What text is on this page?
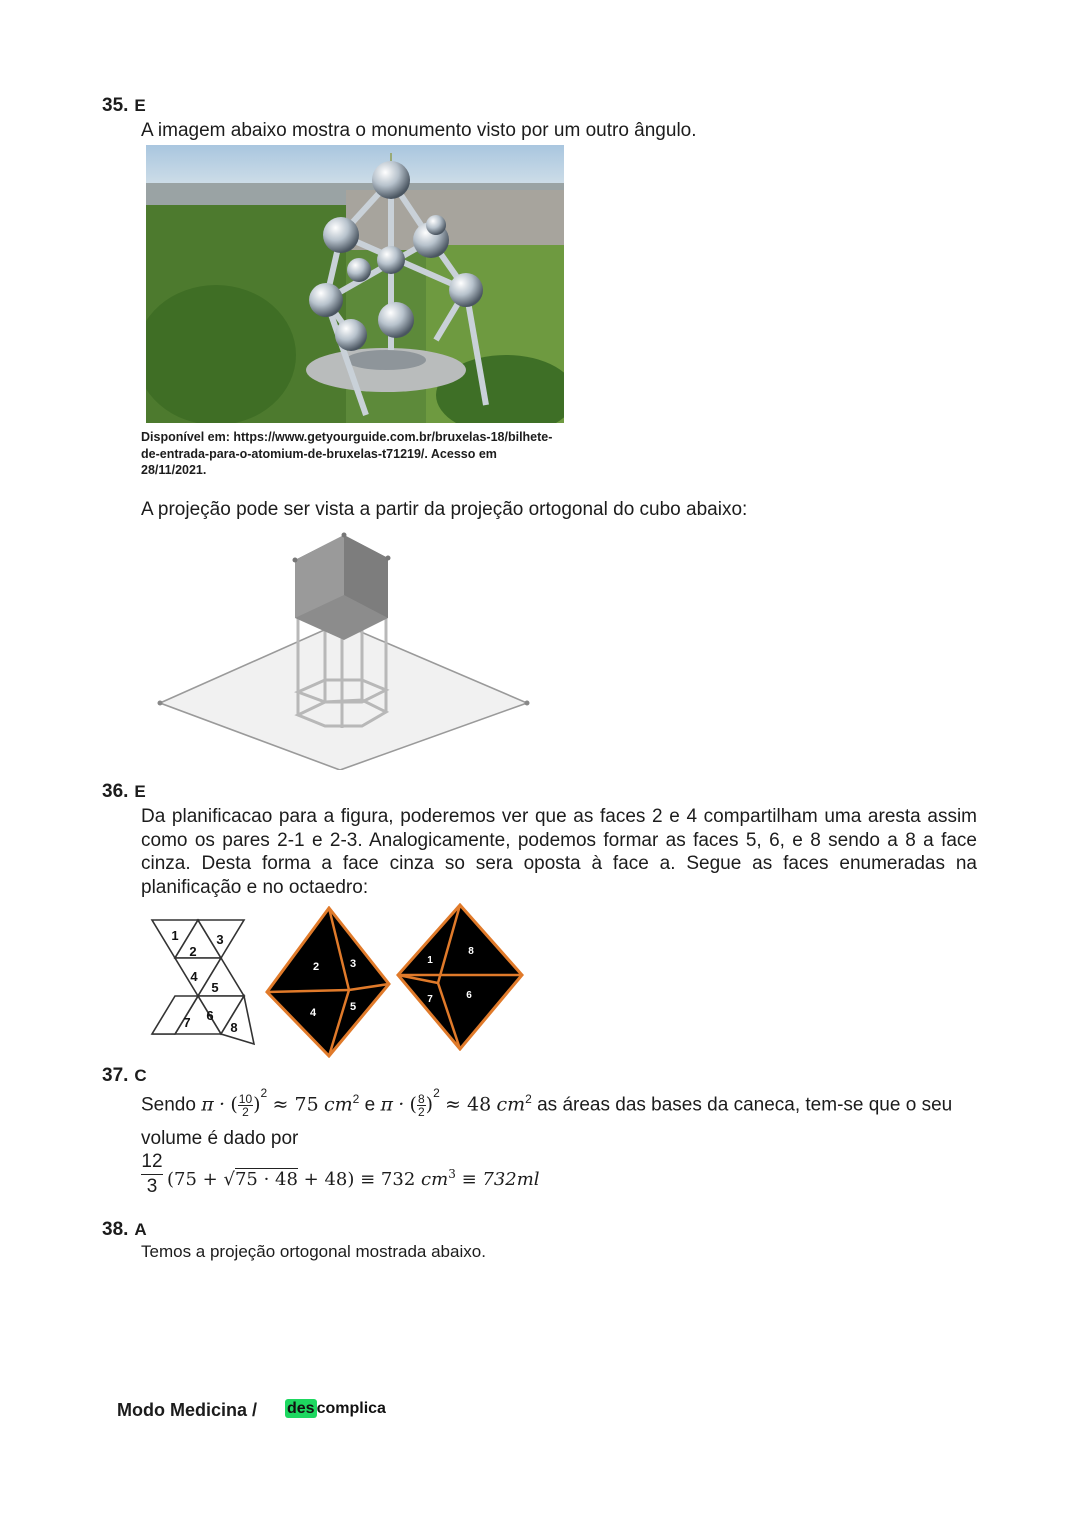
35. E
A imagem abaixo mostra o monumento visto por um outro ângulo.
Disponível em: https://www.getyourguide.com.br/bruxelas-18/bilhete-
de-entrada-para-o-atomium-de-bruxelas-t71219/. Acesso em
28/11/2021.
A projeção pode ser vista a partir da projeção ortogonal do cubo abaixo:
36. E
Da planificacao para a figura, poderemos ver que as faces 2 e 4 compartilham uma aresta assim como os pares 2-1 e 2-3. Analogicamente, podemos formar as faces 5, 6, e 8 sendo a 8 a face cinza. Desta forma a face cinza so sera oposta à face a. Segue as faces enumeradas na planificação e no octaedro:
1
2
3
4
5
7 6
8
2	3
4	5
1
8
7	6
37. C
Sendo π · ( $\frac{10}{2} )^2 \approx 75$ $cm^2$ e π · ( $\frac{8}{2} )^2 \approx 48$ $cm^2$ as áreas das bases da caneca, tem-se que o seu
volume é dado por
12
3 (75 + √75 · 48 + 48) ≡ 732 $cm^3 \equiv 732ml$
38. A
Temos a projeção ortogonal mostrada abaixo.
Modo Medicina / des complica
